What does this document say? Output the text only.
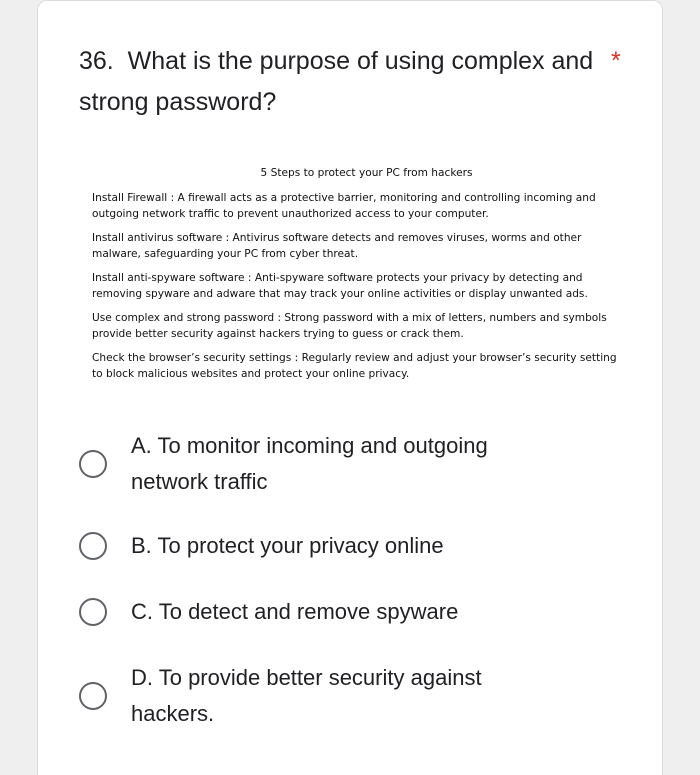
36. What is the purpose of using complex and strong password?
*
5 Steps to protect your PC from hackers
Install Firewall : A firewall acts as a protective barrier, monitoring and controlling incoming and outgoing network traffic to prevent unauthorized access to your computer.
Install antivirus software : Antivirus software detects and removes viruses, worms and other malware, safeguarding your PC from cyber threat.
Install anti-spyware software : Anti-spyware software protects your privacy by detecting and removing spyware and adware that may track your online activities or display unwanted ads.
Use complex and strong password : Strong password with a mix of letters, numbers and symbols provide better security against hackers trying to guess or crack them.
Check the browser’s security settings : Regularly review and adjust your browser’s security setting to block malicious websites and protect your online privacy.
A. To monitor incoming and outgoing network traffic
B. To protect your privacy online
C. To detect and remove spyware
D. To provide better security against hackers.
